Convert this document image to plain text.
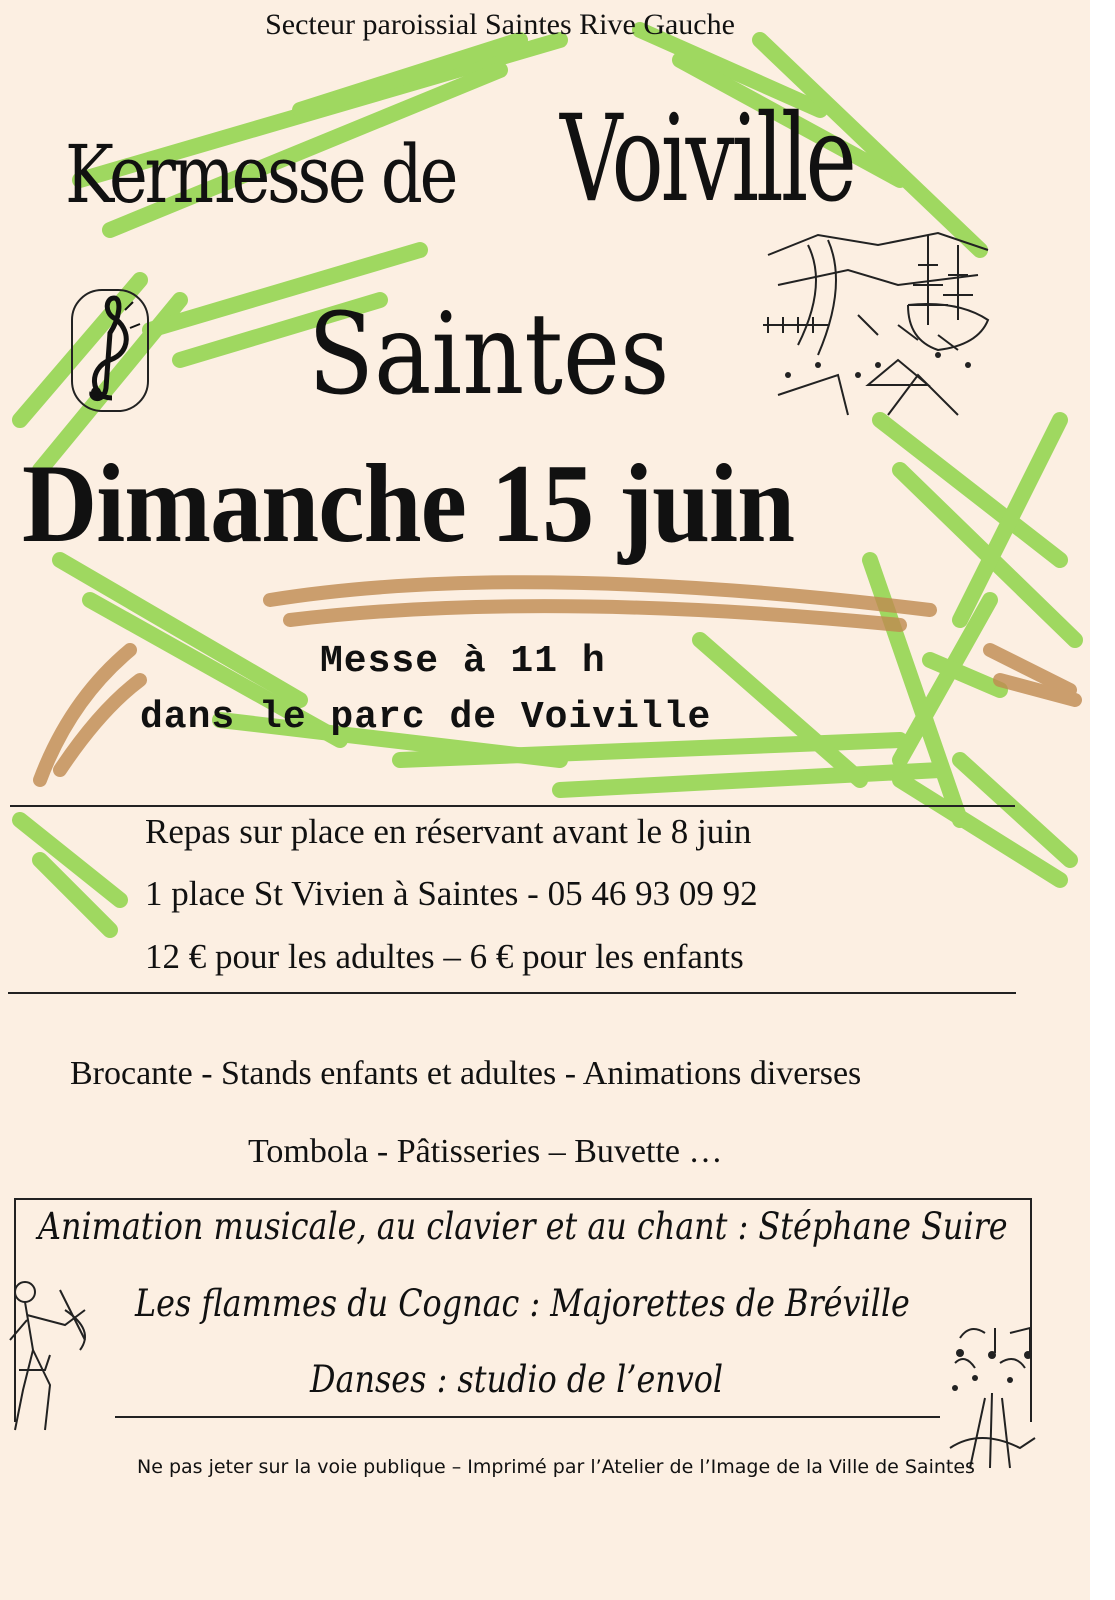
Secteur paroissial Saintes Rive Gauche

Kermesse de Voiville

Saintes

Dimanche 15 juin

Messe à 11 h

dans le parc de Voiville

Repas sur place en réservant avant le 8 juin

1 place St Vivien à Saintes - 05 46 93 09 92

12 € pour les adultes – 6 € pour les enfants

Brocante - Stands enfants et adultes - Animations diverses

Tombola - Pâtisseries – Buvette …

Animation musicale, au clavier et au chant : Stéphane Suire

Les flammes du Cognac : Majorettes de Bréville

Danses : studio de l’envol

Ne pas jeter sur la voie publique – Imprimé par l’Atelier de l’Image de la Ville de Saintes
